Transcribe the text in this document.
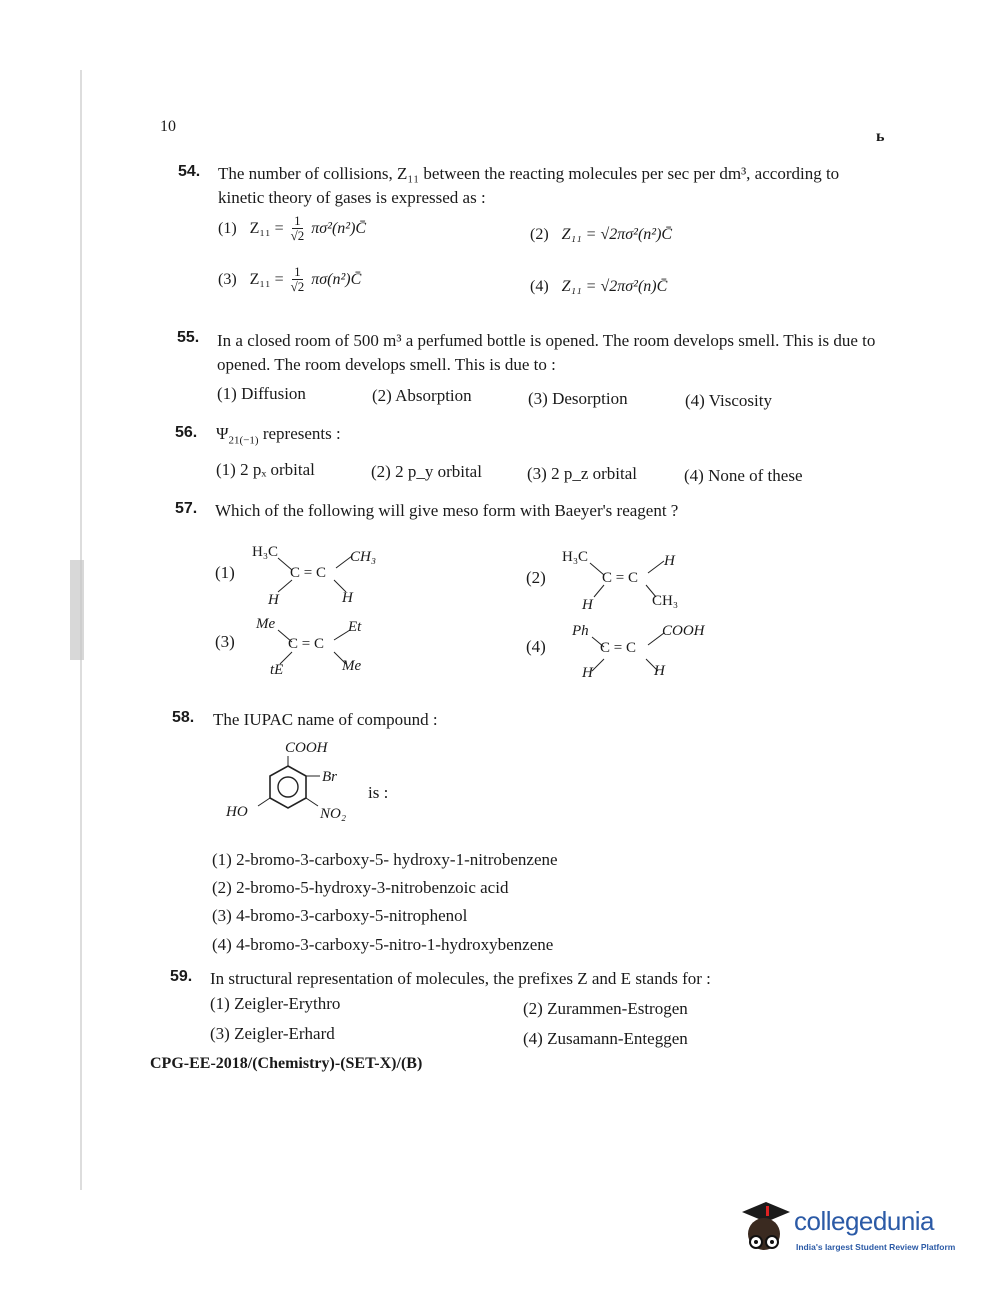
10
ь
54. The number of collisions, Z₁₁ between the reacting molecules per sec per dm³, according to kinetic theory of gases is expressed as :
(1) $Z_{11} = \frac{1}{√2}$ πσ²(n²)C̄	(2) Z₁₁ = √2πσ²(n²)C̄
(3) $Z_{11} = \frac{1}{√2}$ πσ(n²)C̄	(4) Z₁₁ = √2πσ²(n)C̄
55. In a closed room of 500 m³ a perfumed bottle is opened. The room develops smell. This is due to opened. The room develops smell. This is due to :
(1) Diffusion	(2) Absorption	(3) Desorption	(4) Viscosity
56. $\Psi_{21(-1)}$ represents :
(1) 2 pₓ orbital	(2) 2 p_y orbital	(3) 2 p_z orbital	(4) None of these
57. Which of the following will give meso form with Baeyer's reagent ?
(1)	(2)
(3)	(4)
H₃C	CH₃
C = C
H	H
H₃C	H
C = C
H	CH₃
Me	Et
C = C
tE	Me
Ph	COOH
C = C
H	H
58. The IUPAC name of compound :
COOH
Br
HO	NO₂
is :
(1) 2-bromo-3-carboxy-5- hydroxy-1-nitrobenzene
(2) 2-bromo-5-hydroxy-3-nitrobenzoic acid
(3) 4-bromo-3-carboxy-5-nitrophenol
(4) 4-bromo-3-carboxy-5-nitro-1-hydroxybenzene
59. In structural representation of molecules, the prefixes Z and E stands for :
(1) Zeigler-Erythro	(2) Zurammen-Estrogen
(3) Zeigler-Erhard	(4) Zusamann-Enteggen
CPG-EE-2018/(Chemistry)-(SET-X)/(B)
collegedunia
India's largest Student Review Platform
